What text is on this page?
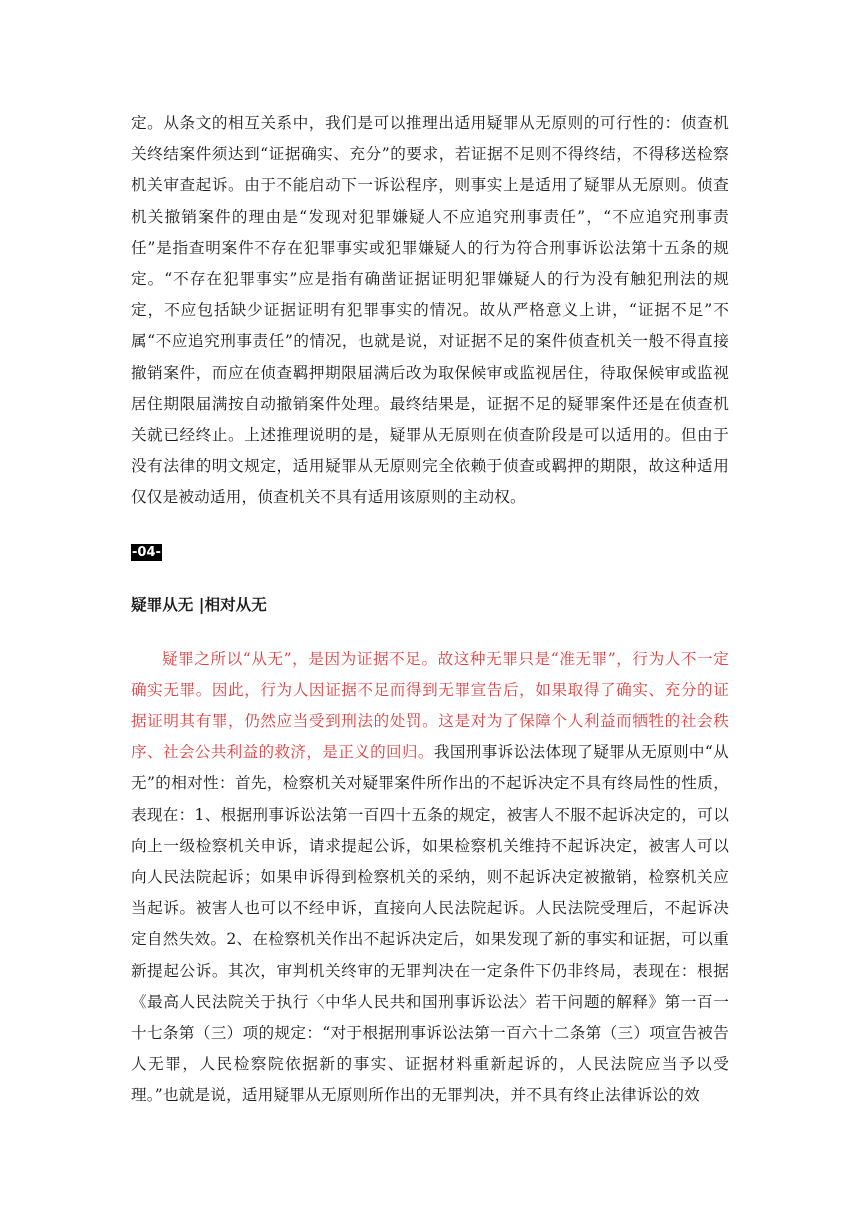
定。从条文的相互关系中，我们是可以推理出适用疑罪从无原则的可行性的：侦查机关终结案件须达到“证据确实、充分”的要求，若证据不足则不得终结，不得移送检察机关审查起诉。由于不能启动下一诉讼程序，则事实上是适用了疑罪从无原则。侦查机关撤销案件的理由是“发现对犯罪嫌疑人不应追究刑事责任”，“不应追究刑事责任”是指查明案件不存在犯罪事实或犯罪嫌疑人的行为符合刑事诉讼法第十五条的规定。“不存在犯罪事实”应是指有确凿证据证明犯罪嫌疑人的行为没有触犯刑法的规定，不应包括缺少证据证明有犯罪事实的情况。故从严格意义上讲，“证据不足”不属“不应追究刑事责任”的情况，也就是说，对证据不足的案件侦查机关一般不得直接撤销案件，而应在侦查羁押期限届满后改为取保候审或监视居住，待取保候审或监视居住期限届满按自动撤销案件处理。最终结果是，证据不足的疑罪案件还是在侦查机关就已经终止。上述推理说明的是，疑罪从无原则在侦查阶段是可以适用的。但由于没有法律的明文规定，适用疑罪从无原则完全依赖于侦查或羁押的期限，故这种适用仅仅是被动适用，侦查机关不具有适用该原则的主动权。

-04-
疑罪从无 |相对从无

疑罪之所以“从无”，是因为证据不足。故这种无罪只是“准无罪”，行为人不一定确实无罪。因此，行为人因证据不足而得到无罪宣告后，如果取得了确实、充分的证据证明其有罪，仍然应当受到刑法的处罚。这是对为了保障个人利益而牺牲的社会秩序、社会公共利益的救济，是正义的回归。我国刑事诉讼法体现了疑罪从无原则中“从无”的相对性：首先，检察机关对疑罪案件所作出的不起诉决定不具有终局性的性质，表现在：1、根据刑事诉讼法第一百四十五条的规定，被害人不服不起诉决定的，可以向上一级检察机关申诉，请求提起公诉，如果检察机关维持不起诉决定，被害人可以向人民法院起诉；如果申诉得到检察机关的采纳，则不起诉决定被撤销，检察机关应当起诉。被害人也可以不经申诉，直接向人民法院起诉。人民法院受理后，不起诉决定自然失效。2、在检察机关作出不起诉决定后，如果发现了新的事实和证据，可以重新提起公诉。其次，审判机关终审的无罪判决在一定条件下仍非终局，表现在：根据《最高人民法院关于执行〈中华人民共和国刑事诉讼法〉若干问题的解释》第一百一十七条第（三）项的规定：“对于根据刑事诉讼法第一百六十二条第（三）项宣告被告人无罪，人民检察院依据新的事实、证据材料重新起诉的，人民法院应当予以受理。”也就是说，适用疑罪从无原则所作出的无罪判决，并不具有终止法律诉讼的效
